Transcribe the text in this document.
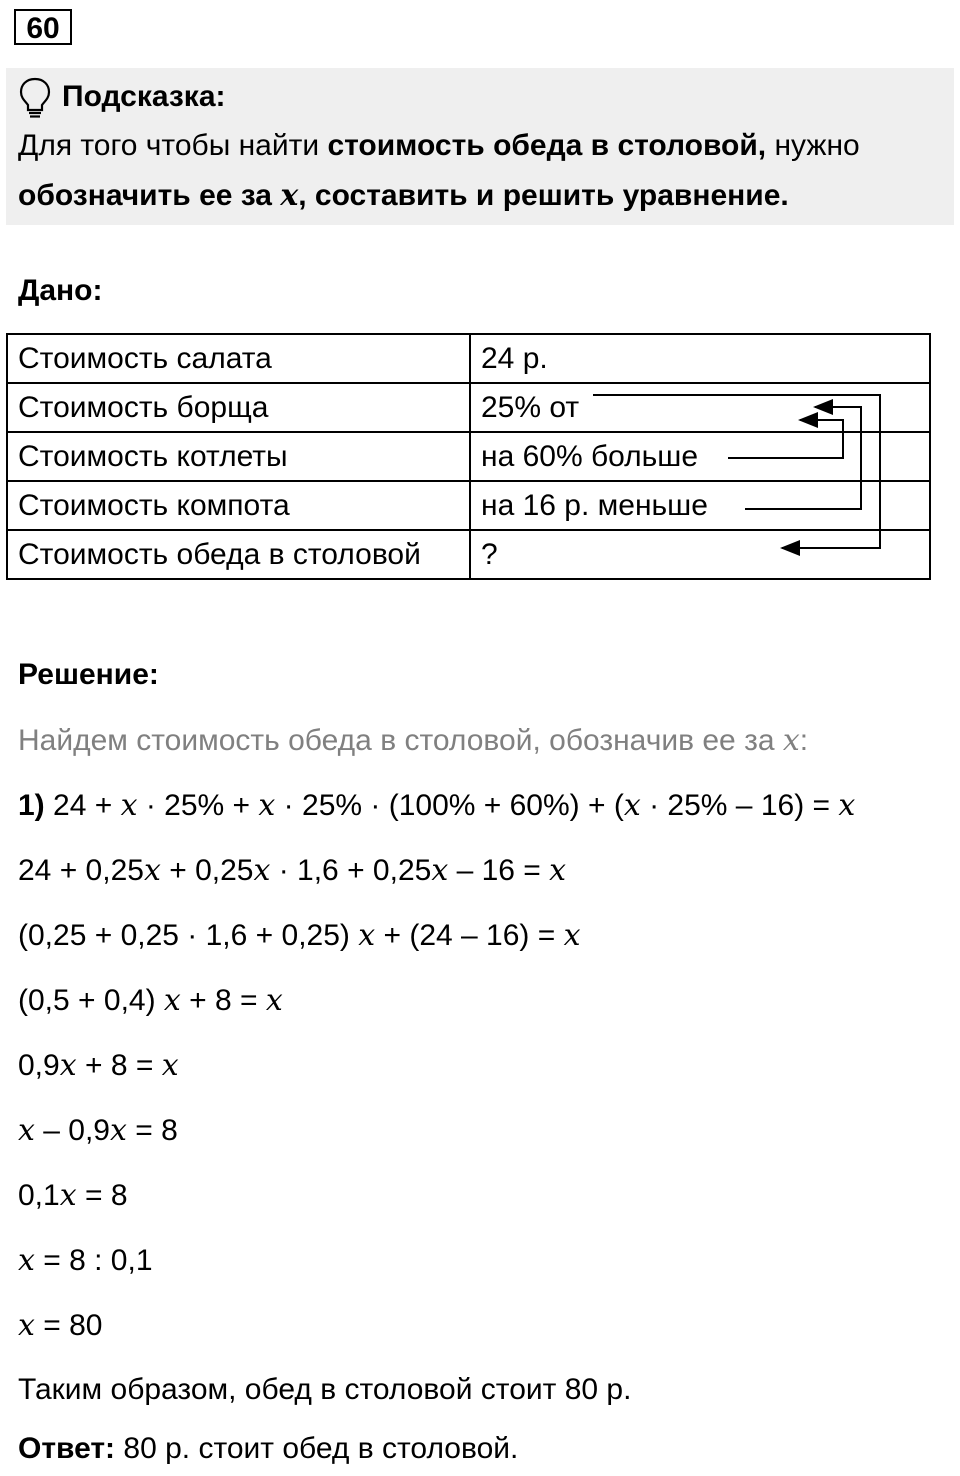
60
Подсказка:
Для того чтобы найти стоимость обеда в столовой, нужно
обозначить ее за x, составить и решить уравнение.
Дано:
Стоимость салата	24 р.
Стоимость борща	25% от
Стоимость котлеты	на 60% больше
Стоимость компота	на 16 р. меньше
Стоимость обеда в столовой	?
Решение:
Найдем стоимость обеда в столовой, обозначив ее за x:
1) 24 + x · 25% + x · 25% · (100% + 60%) + (x · 25% – 16) = x
24 + 0,25x + 0,25x · 1,6 + 0,25x – 16 = x
(0,25 + 0,25 · 1,6 + 0,25) x + (24 – 16) = x
(0,5 + 0,4) x + 8 = x
0,9x + 8 = x
x – 0,9x = 8
0,1x = 8
x = 8 : 0,1
x = 80
Таким образом, обед в столовой стоит 80 р.
Ответ: 80 р. стоит обед в столовой.
